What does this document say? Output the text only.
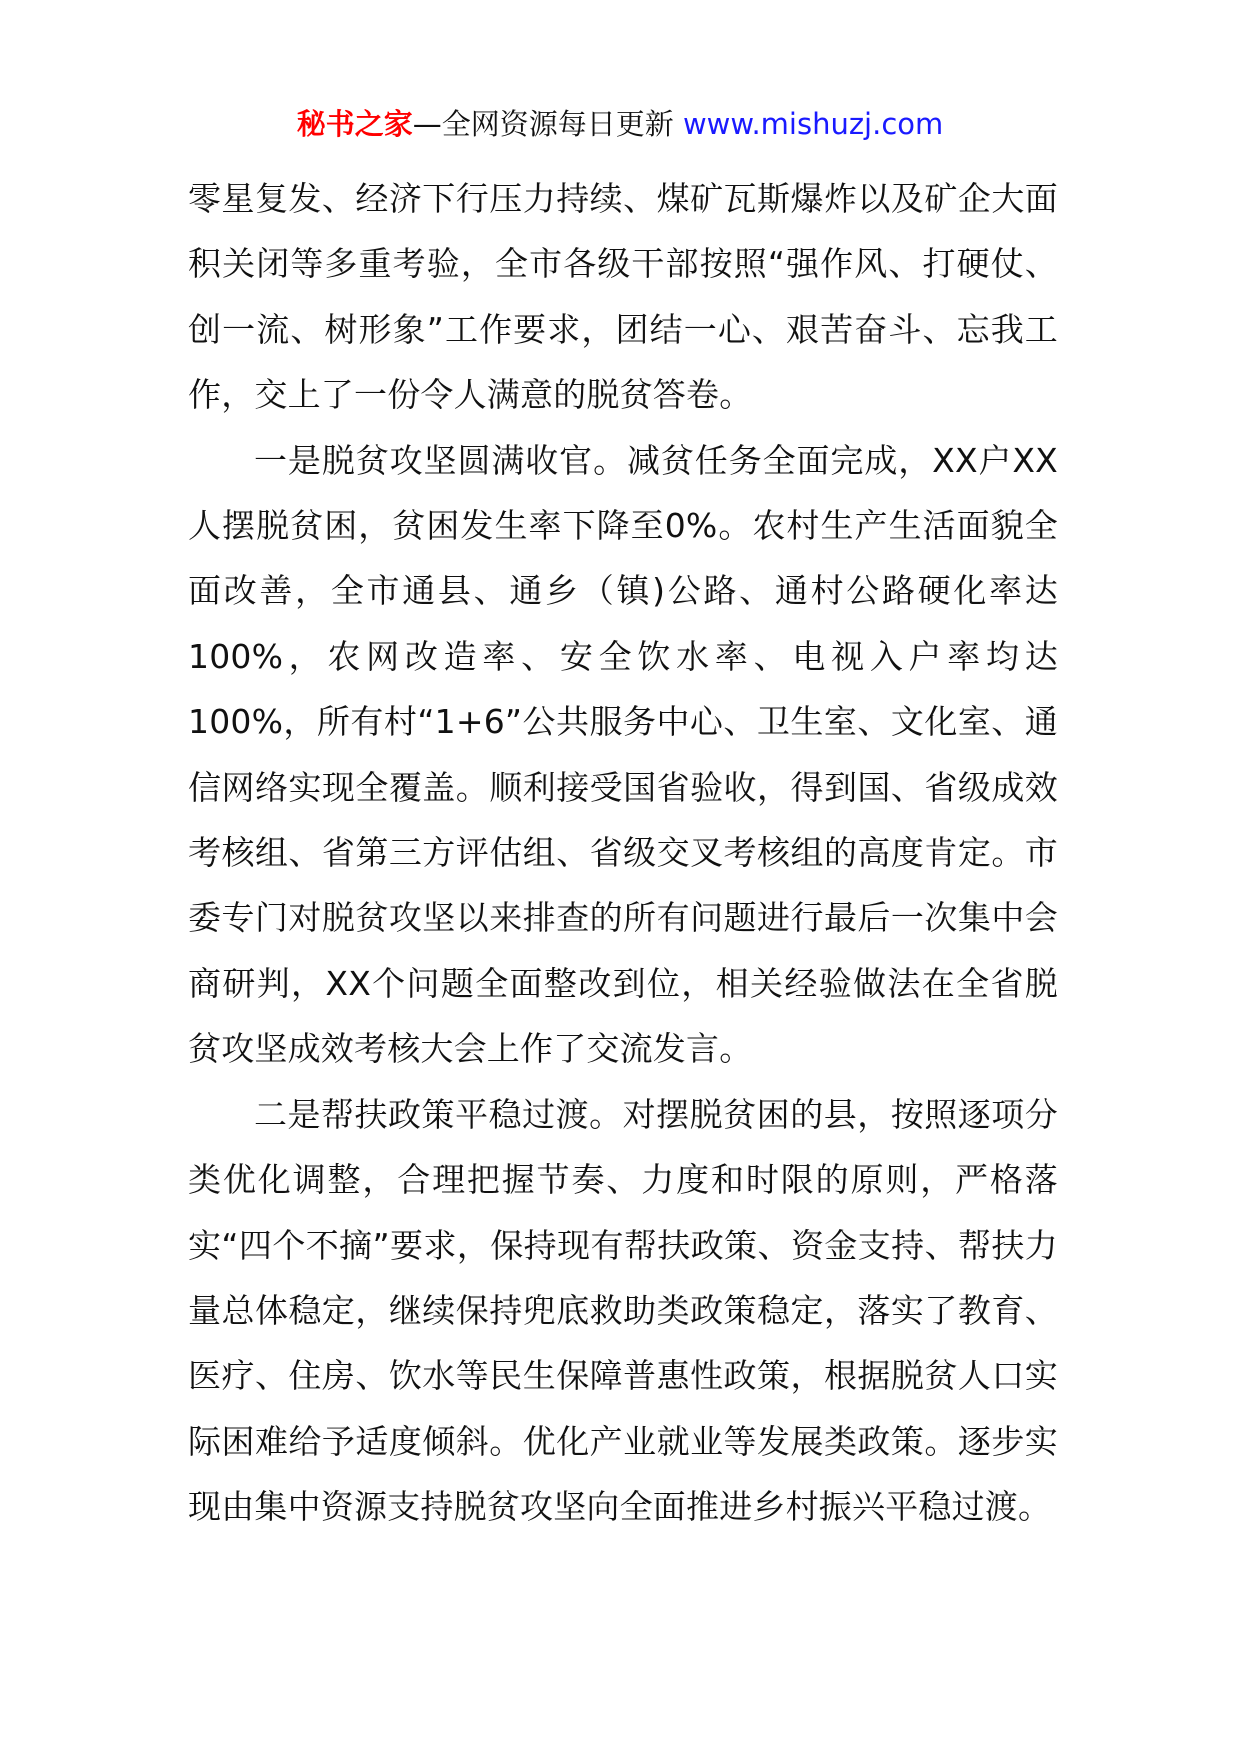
秘书之家—全网资源每日更新 www.mishuzj.com

零星复发、经济下行压力持续、煤矿瓦斯爆炸以及矿企大面积关闭等多重考验，全市各级干部按照“强作风、打硬仗、创一流、树形象”工作要求，团结一心、艰苦奋斗、忘我工作，交上了一份令人满意的脱贫答卷。

一是脱贫攻坚圆满收官。减贫任务全面完成，XX户XX人摆脱贫困，贫困发生率下降至0%。农村生产生活面貌全面改善，全市通县、通乡（镇)公路、通村公路硬化率达100%，农网改造率、安全饮水率、电视入户率均达100%，所有村“1+6”公共服务中心、卫生室、文化室、通信网络实现全覆盖。顺利接受国省验收，得到国、省级成效考核组、省第三方评估组、省级交叉考核组的高度肯定。市委专门对脱贫攻坚以来排查的所有问题进行最后一次集中会商研判，XX个问题全面整改到位，相关经验做法在全省脱贫攻坚成效考核大会上作了交流发言。

二是帮扶政策平稳过渡。对摆脱贫困的县，按照逐项分类优化调整，合理把握节奏、力度和时限的原则，严格落实“四个不摘”要求，保持现有帮扶政策、资金支持、帮扶力量总体稳定，继续保持兜底救助类政策稳定，落实了教育、医疗、住房、饮水等民生保障普惠性政策，根据脱贫人口实际困难给予适度倾斜。优化产业就业等发展类政策。逐步实现由集中资源支持脱贫攻坚向全面推进乡村振兴平稳过渡。
